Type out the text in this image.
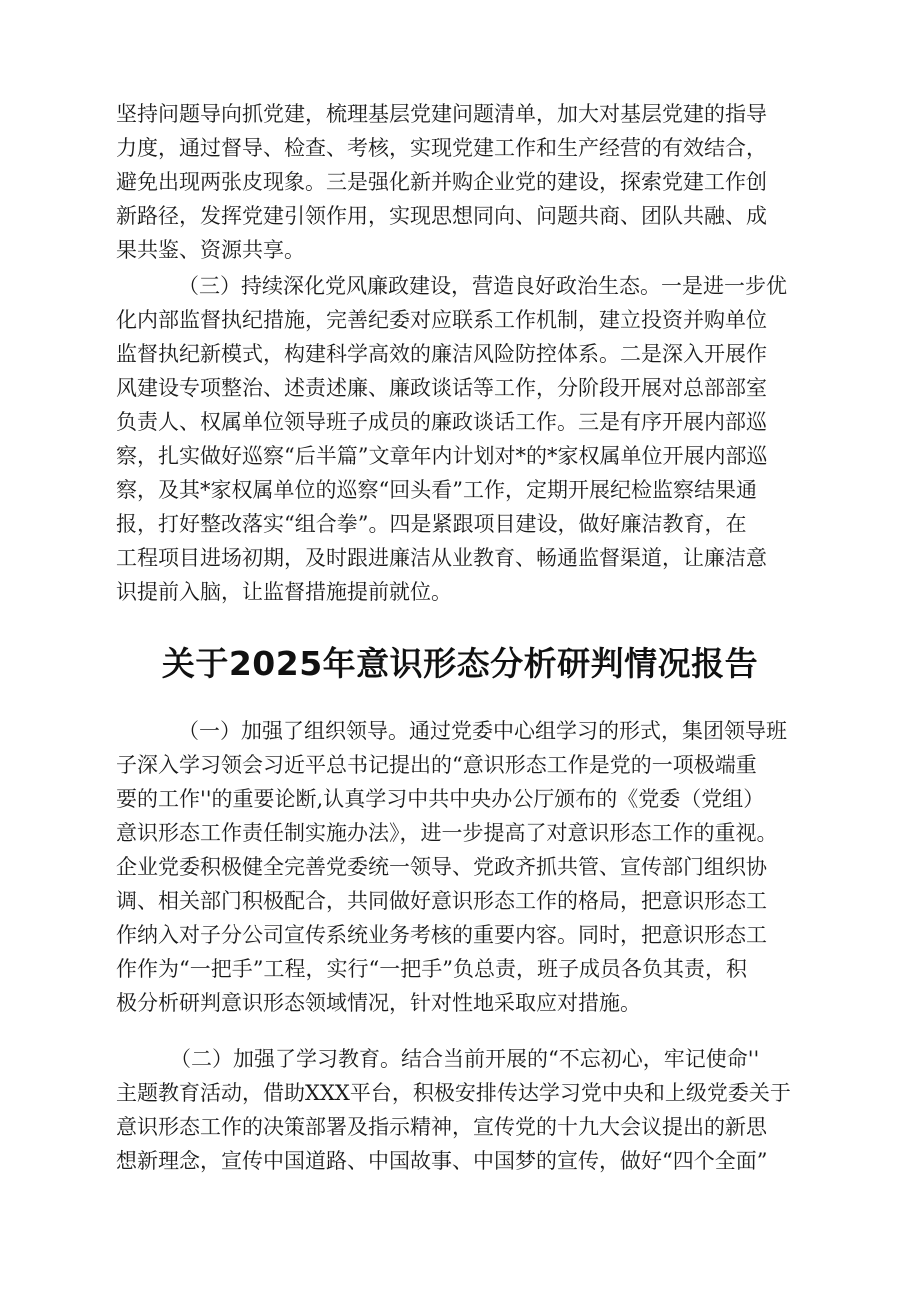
坚持问题导向抓党建，梳理基层党建问题清单，加大对基层党建的指导

力度，通过督导、检查、考核，实现党建工作和生产经营的有效结合，

避免出现两张皮现象。三是强化新并购企业党的建设，探索党建工作创

新路径，发挥党建引领作用，实现思想同向、问题共商、团队共融、成

果共鉴、资源共享。

（三）持续深化党风廉政建设，营造良好政治生态。一是进一步优

化内部监督执纪措施，完善纪委对应联系工作机制，建立投资并购单位

监督执纪新模式，构建科学高效的廉洁风险防控体系。二是深入开展作

风建设专项整治、述责述廉、廉政谈话等工作，分阶段开展对总部部室

负责人、权属单位领导班子成员的廉政谈话工作。三是有序开展内部巡

察，扎实做好巡察“后半篇”文章年内计划对*的*家权属单位开展内部巡

察，及其*家权属单位的巡察“回头看”工作，定期开展纪检监察结果通

报，打好整改落实“组合拳”。四是紧跟项目建设，做好廉洁教育，在

工程项目进场初期，及时跟进廉洁从业教育、畅通监督渠道，让廉洁意

识提前入脑，让监督措施提前就位。

关于2025年意识形态分析研判情况报告

（一）加强了组织领导。通过党委中心组学习的形式，集团领导班

子深入学习领会习近平总书记提出的“意识形态工作是党的一项极端重

要的工作''的重要论断,认真学习中共中央办公厅颁布的《党委（党组）

意识形态工作责任制实施办法》，进一步提高了对意识形态工作的重视。

企业党委积极健全完善党委统一领导、党政齐抓共管、宣传部门组织协

调、相关部门积极配合，共同做好意识形态工作的格局，把意识形态工

作纳入对子分公司宣传系统业务考核的重要内容。同时，把意识形态工

作作为“一把手”工程，实行“一把手”负总责，班子成员各负其责，积

极分析研判意识形态领域情况，针对性地采取应对措施。

（二）加强了学习教育。结合当前开展的“不忘初心，牢记使命''

主题教育活动，借助XXX平台，积极安排传达学习党中央和上级党委关于

意识形态工作的决策部署及指示精神，宣传党的十九大会议提出的新思

想新理念，宣传中国道路、中国故事、中国梦的宣传，做好“四个全面”
